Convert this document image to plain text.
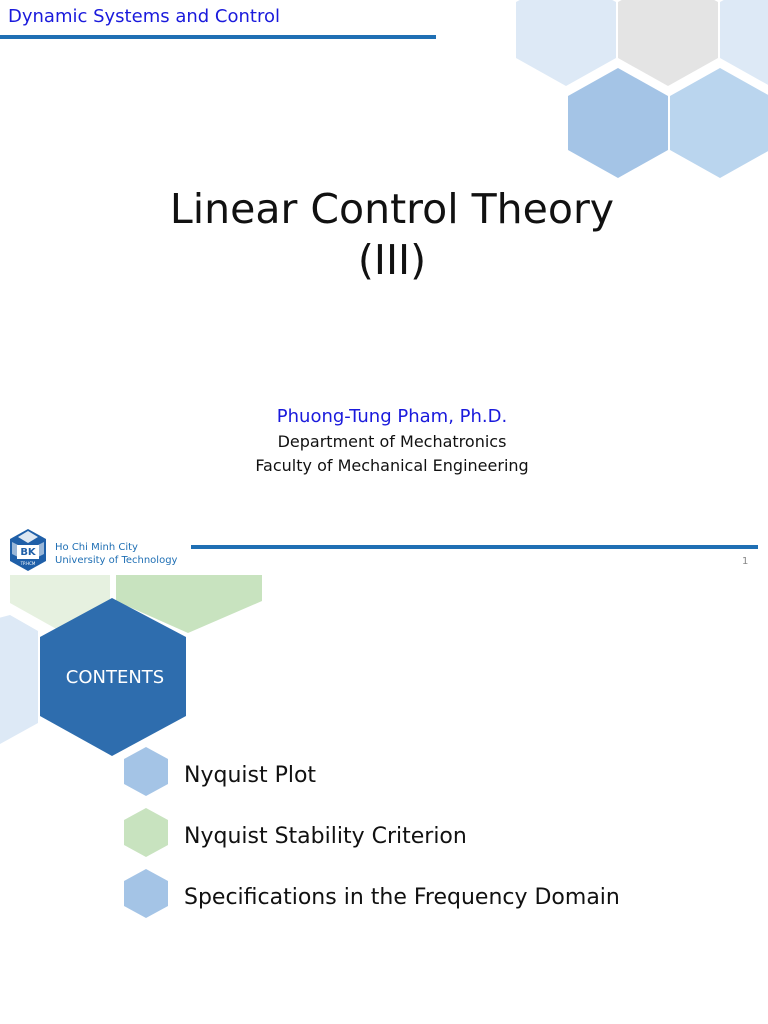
Dynamic Systems and Control
Linear Control Theory
(III)
Phuong-Tung Pham, Ph.D.
Department of Mechatronics
Faculty of Mechanical Engineering
BK
TP.HCM
Ho Chi Minh City
University of Technology	1
CONTENTS
Nyquist Plot
Nyquist Stability Criterion
Specifications in the Frequency Domain
